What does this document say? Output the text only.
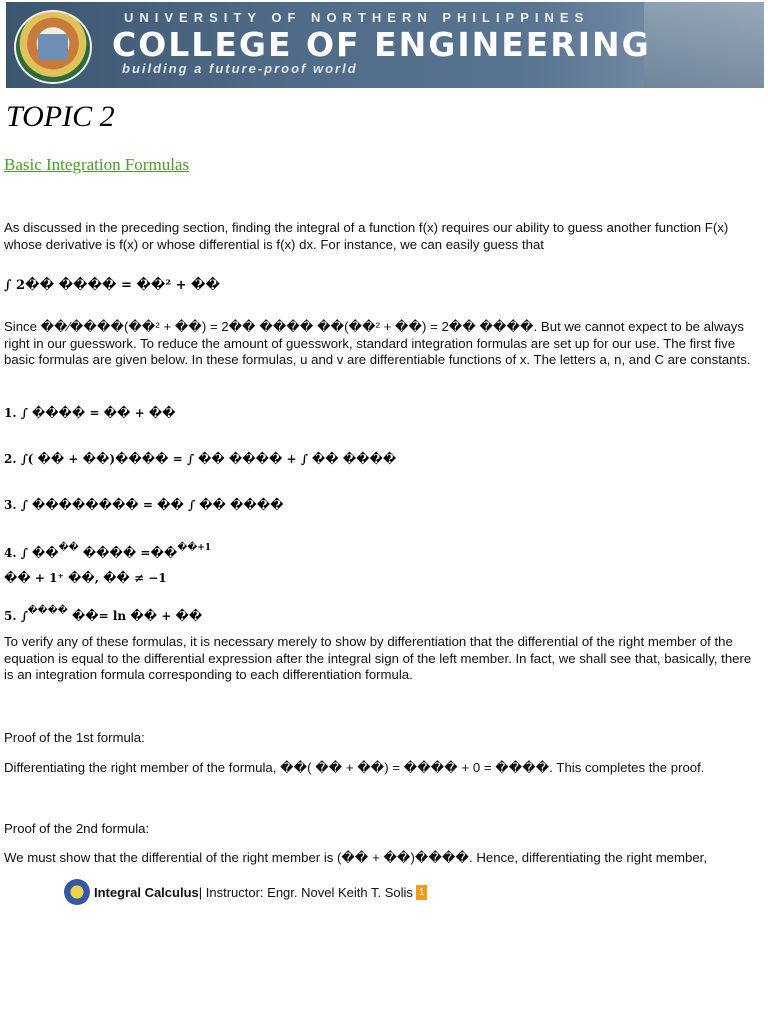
UNIVERSITY OF NORTHERN PHILIPPINES
COLLEGE OF ENGINEERING
building a future-proof world
TOPIC 2
Basic Integration Formulas
As discussed in the preceding section, finding the integral of a function f(x) requires our ability to guess another function F(x) whose derivative is f(x) or whose differential is f(x) dx. For instance, we can easily guess that
∫ 2�� ���� = ��² + ��
Since ��⁄����(��² + ��) = 2�� ���� ��(��² + ��) = 2�� ����. But we cannot expect to be always right in our guesswork. To reduce the amount of guesswork, standard integration formulas are set up for our use. The first five basic formulas are given below. In these formulas, u and v are differentiable functions of x. The letters a, n, and C are constants.
1. ∫ ���� = �� + ��
2. ∫( �� + ��)���� = ∫ �� ���� + ∫ �� ����
3. ∫ �������� = �� ∫ �� ����
4. ∫ ���� ���� =��$^{��+1}$
�� + 1⁺ ��, �� ≠ −1
5. ∫���� ��= ln �� + ��
To verify any of these formulas, it is necessary merely to show by differentiation that the differential of the right member of the equation is equal to the differential expression after the integral sign of the left member. In fact, we shall see that, basically, there is an integration formula corresponding to each differentiation formula.
Proof of the 1st formula:
Differentiating the right member of the formula, ��( �� + ��) = ���� + 0 = ����. This completes the proof.
Proof of the 2nd formula:
We must show that the differential of the right member is (�� + ��)����. Hence, differentiating the right member,
Integral Calculus | Instructor: Engr. Novel Keith T. Solis 1
